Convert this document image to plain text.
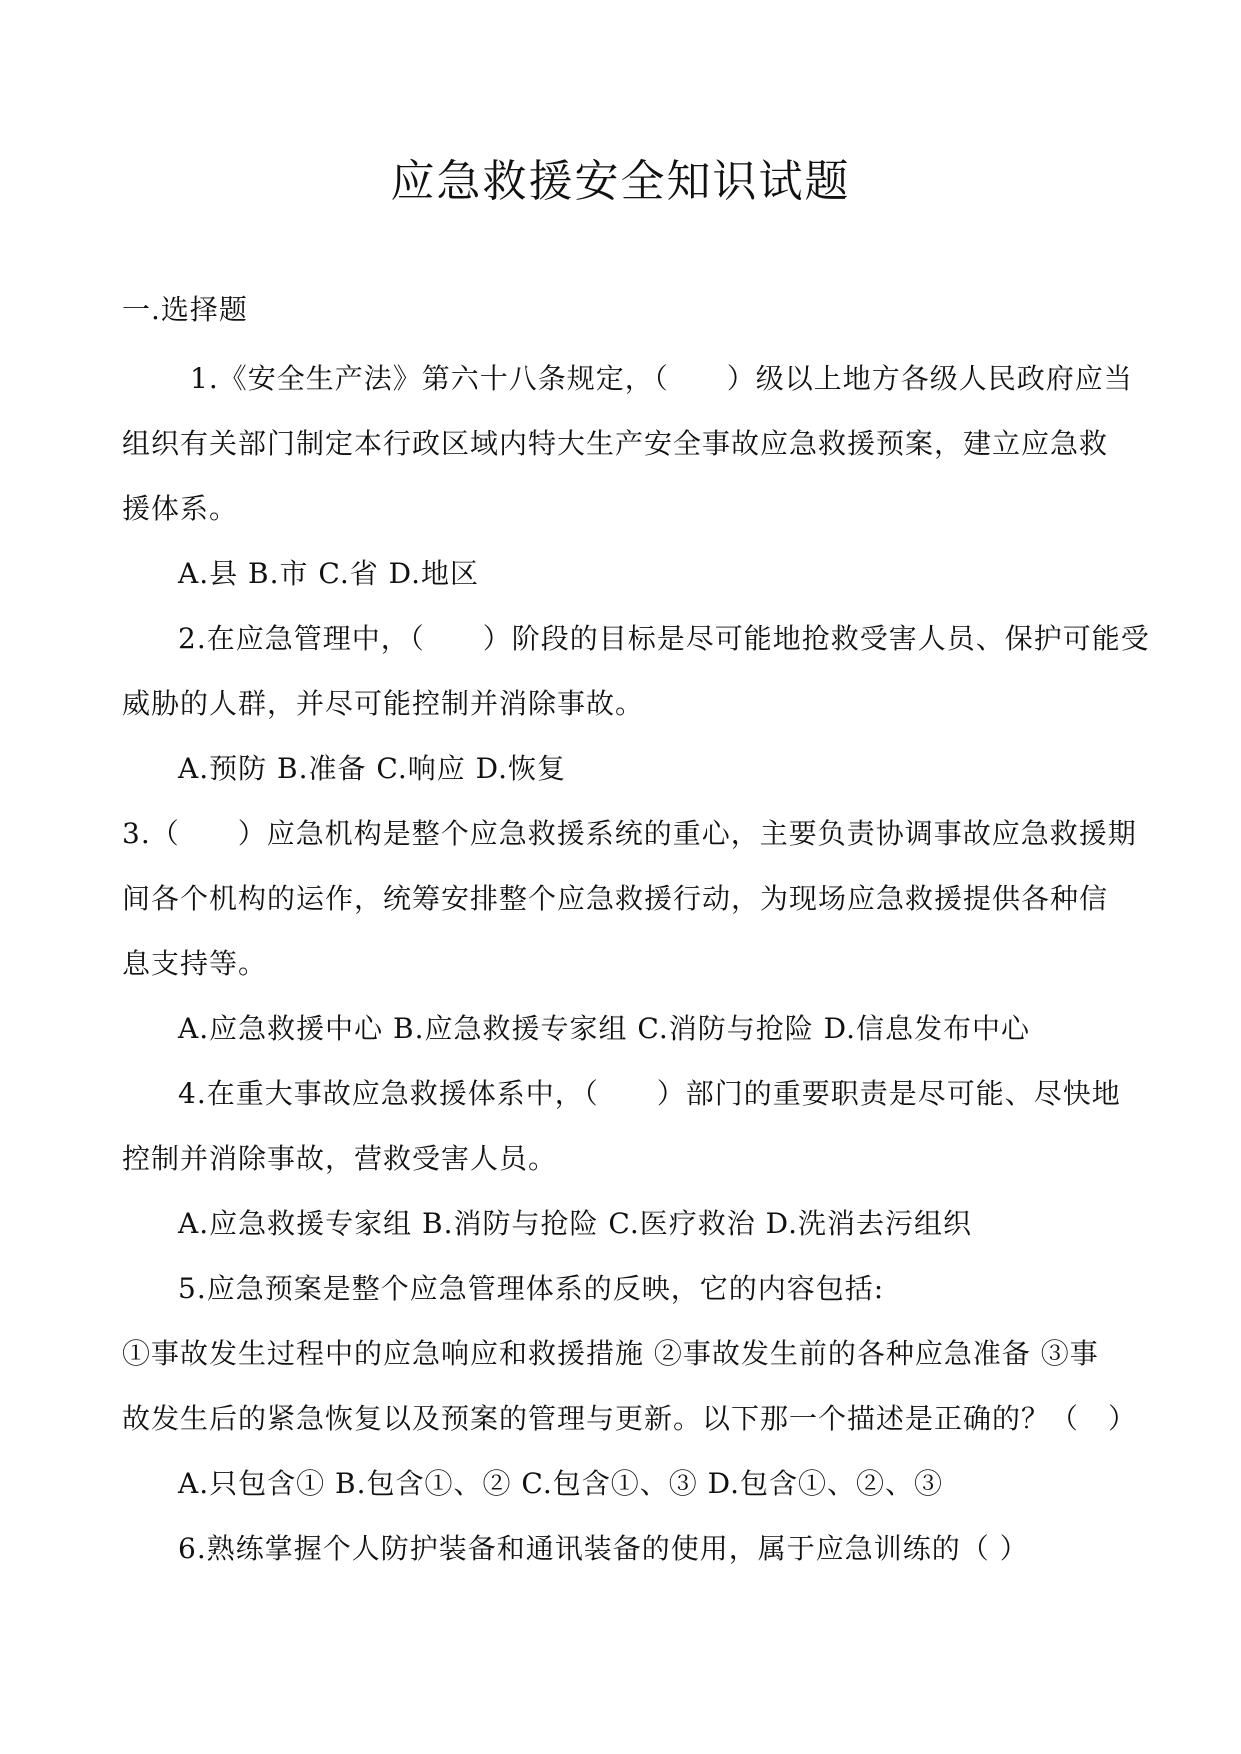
应急救援安全知识试题
一.选择题
1.《安全生产法》第六十八条规定，（　　）级以上地方各级人民政府应当
组织有关部门制定本行政区域内特大生产安全事故应急救援预案，建立应急救
援体系。
A.县 B.市 C.省 D.地区
2.在应急管理中，（　　）阶段的目标是尽可能地抢救受害人员、保护可能受
威胁的人群，并尽可能控制并消除事故。
A.预防 B.准备 C.响应 D.恢复
3.（　　）应急机构是整个应急救援系统的重心，主要负责协调事故应急救援期
间各个机构的运作，统筹安排整个应急救援行动，为现场应急救援提供各种信
息支持等。
A.应急救援中心 B.应急救援专家组 C.消防与抢险 D.信息发布中心
4.在重大事故应急救援体系中，（　　）部门的重要职责是尽可能、尽快地
控制并消除事故，营救受害人员。
A.应急救援专家组 B.消防与抢险 C.医疗救治 D.洗消去污组织
5.应急预案是整个应急管理体系的反映，它的内容包括:
①事故发生过程中的应急响应和救援措施 ②事故发生前的各种应急准备 ③事
故发生后的紧急恢复以及预案的管理与更新。以下那一个描述是正确的？（　）
A.只包含① B.包含①、② C.包含①、③ D.包含①、②、③
6.熟练掌握个人防护装备和通讯装备的使用，属于应急训练的（ ）
